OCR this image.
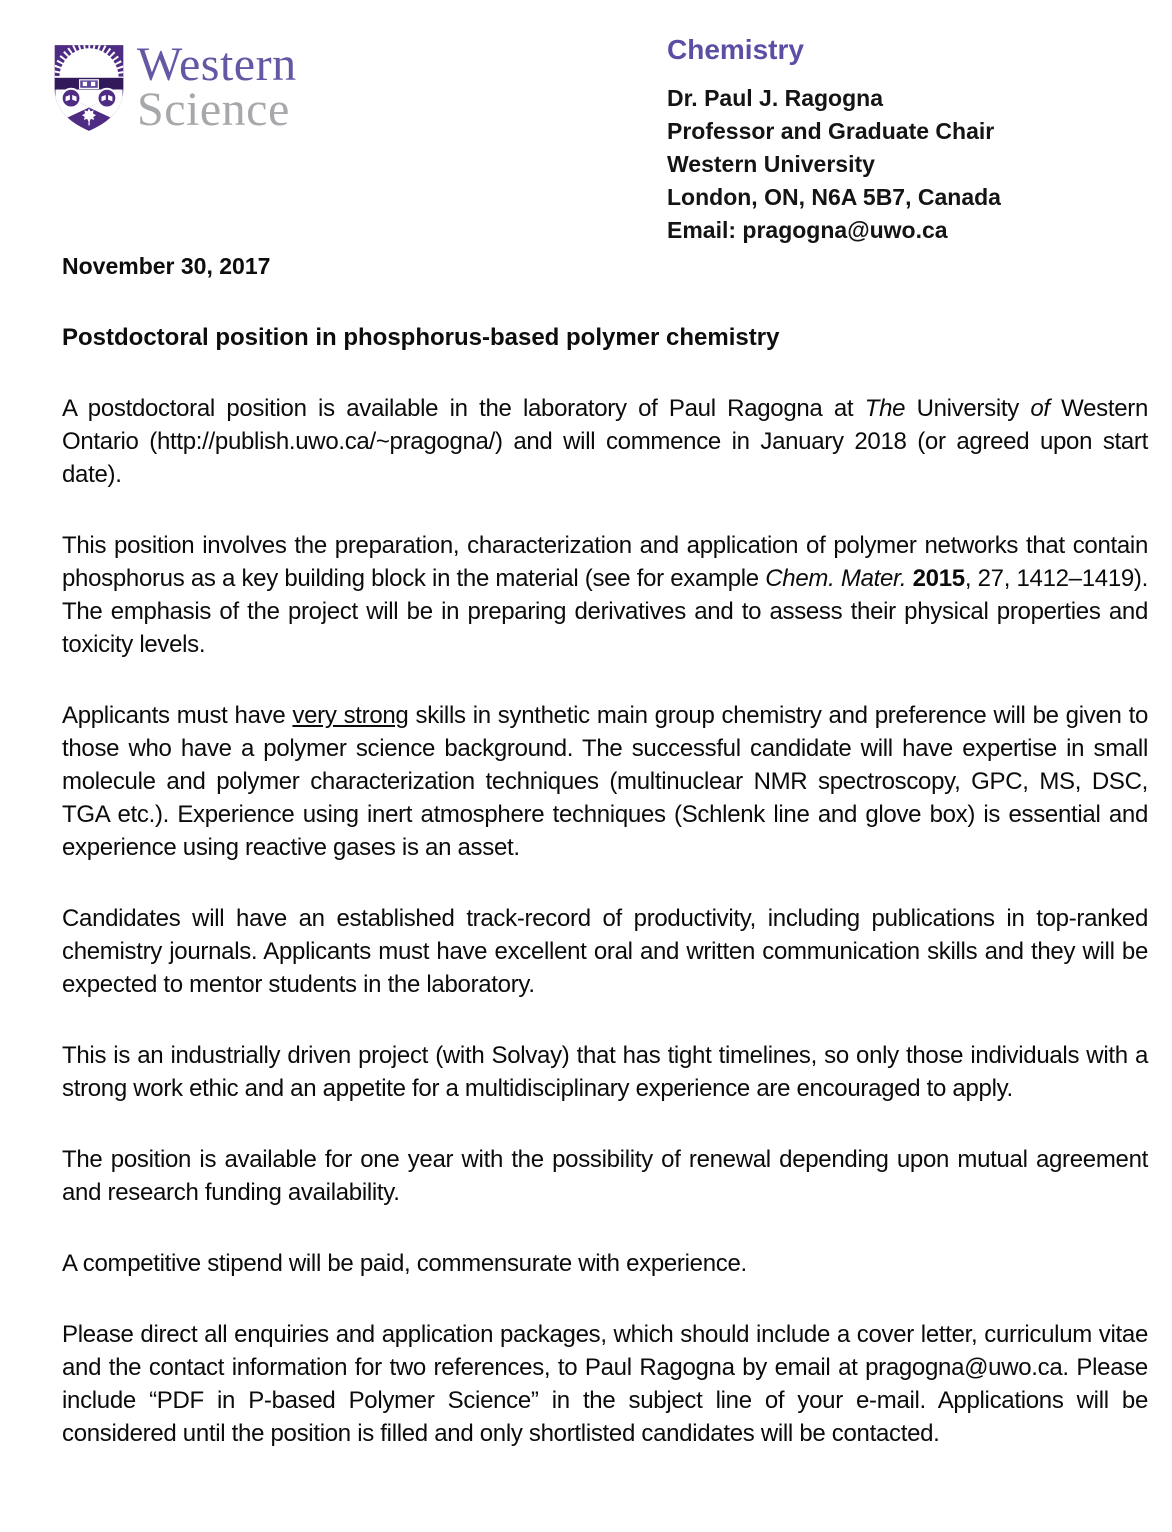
Western
Science
Chemistry
Dr. Paul J. Ragogna
Professor and Graduate Chair
Western University
London, ON, N6A 5B7, Canada
Email: pragogna@uwo.ca
November 30, 2017
Postdoctoral position in phosphorus-based polymer chemistry

A postdoctoral position is available in the laboratory of Paul Ragogna at The University of Western Ontario (http://publish.uwo.ca/~pragogna/) and will commence in January 2018 (or agreed upon start date).

This position involves the preparation, characterization and application of polymer networks that contain phosphorus as a key building block in the material (see for example Chem. Mater. 2015, 27, 1412–1419). The emphasis of the project will be in preparing derivatives and to assess their physical properties and toxicity levels.

Applicants must have very strong skills in synthetic main group chemistry and preference will be given to those who have a polymer science background. The successful candidate will have expertise in small molecule and polymer characterization techniques (multinuclear NMR spectroscopy, GPC, MS, DSC, TGA etc.). Experience using inert atmosphere techniques (Schlenk line and glove box) is essential and experience using reactive gases is an asset.

Candidates will have an established track-record of productivity, including publications in top-ranked chemistry journals. Applicants must have excellent oral and written communication skills and they will be expected to mentor students in the laboratory.

This is an industrially driven project (with Solvay) that has tight timelines, so only those individuals with a strong work ethic and an appetite for a multidisciplinary experience are encouraged to apply.

The position is available for one year with the possibility of renewal depending upon mutual agreement and research funding availability.

A competitive stipend will be paid, commensurate with experience.

Please direct all enquiries and application packages, which should include a cover letter, curriculum vitae and the contact information for two references, to Paul Ragogna by email at pragogna@uwo.ca. Please include “PDF in P-based Polymer Science” in the subject line of your e-mail. Applications will be considered until the position is filled and only shortlisted candidates will be contacted.
